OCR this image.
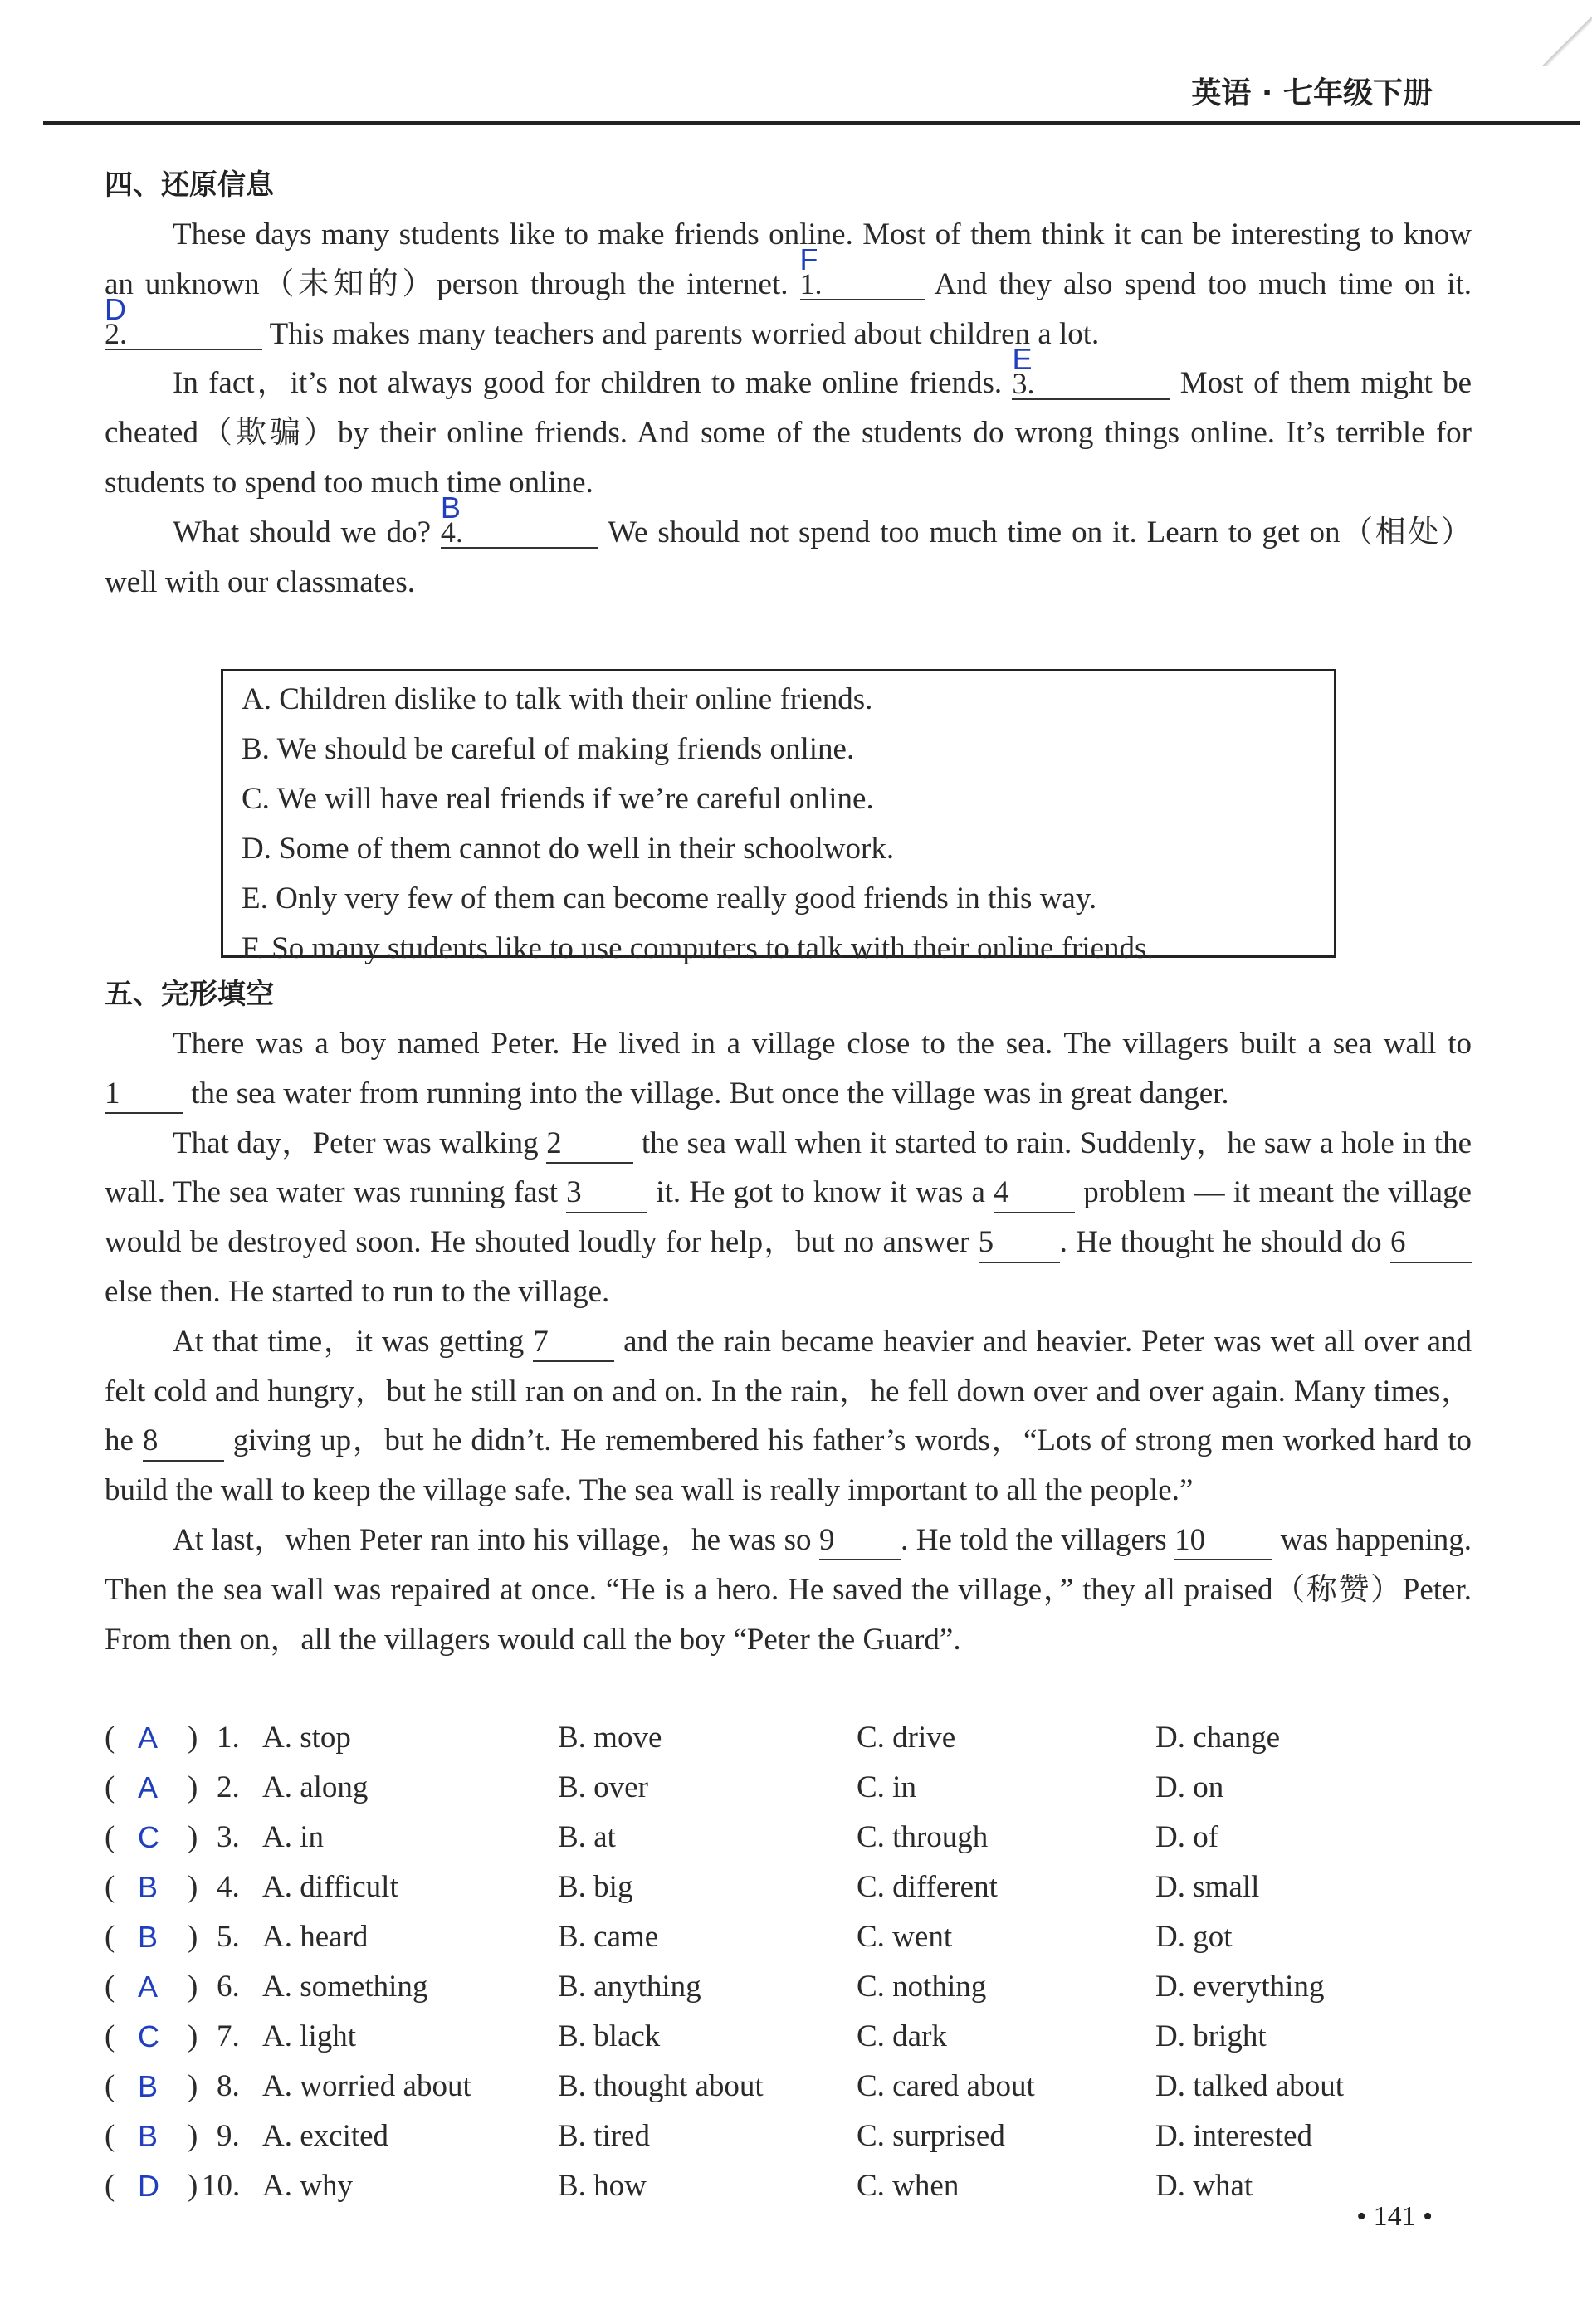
英语 · 七年级下册
四、还原信息

These days many students like to make friends online. Most of them think it can be interesting to know an unknown（未知的）person through the internet. 1.
F
And they also spend too much time on it.
2.
D
This makes many teachers and parents worried about children a lot.

In fact，it’s not always good for children to make online friends. 3.
E
Most of them might be cheated（欺骗）by their online friends. And some of the students do wrong things online. It’s terrible for students to spend too much time online.

What should we do? 4.
B
We should not spend too much time on it. Learn to get on（相处）well with our classmates.

A. Children dislike to talk with their online friends.
B. We should be careful of making friends online.
C. We will have real friends if we’re careful online.
D. Some of them cannot do well in their schoolwork.
E. Only very few of them can become really good friends in this way.
F. So many students like to use computers to talk with their online friends.
五、完形填空

There was a boy named Peter. He lived in a village close to the sea. The villagers built a sea wall to 1 the sea water from running into the village. But once the village was in great danger.

That day，Peter was walking 2 the sea wall when it started to rain. Suddenly，he saw a hole in the wall. The sea water was running fast 3 it. He got to know it was a 4 problem — it meant the village would be destroyed soon. He shouted loudly for help，but no answer 5 . He thought he should do 6 else then. He started to run to the village.

At that time，it was getting 7 and the rain became heavier and heavier. Peter was wet all over and felt cold and hungry，but he still ran on and on. In the rain，he fell down over and over again. Many times，he 8 giving up，but he didn’t. He remembered his father’s words，“Lots of strong men worked hard to build the wall to keep the village safe. The sea wall is really important to all the people.”

At last，when Peter ran into his village，he was so 9 . He told the villagers 10 was happening. Then the sea wall was repaired at once. “He is a hero. He saved the village，” they all praised（称赞）Peter. From then on，all the villagers would call the boy “Peter the Guard”.

( A ) 1. A. stop	B. move	C. drive	D. change
( A ) 2. A. along	B. over	C. in	D. on
( C ) 3. A. in	B. at	C. through	D. of
( B ) 4. A. difficult	B. big	C. different	D. small
( B ) 5. A. heard	B. came	C. went	D. got
( A ) 6. A. something	B. anything	C. nothing	D. everything
( C ) 7. A. light	B. black	C. dark	D. bright
( B ) 8. A. worried about	B. thought about	C. cared about	D. talked about
( B ) 9. A. excited	B. tired	C. surprised	D. interested
( D ) 10. A. why	B. how	C. when	D. what
• 141 •
